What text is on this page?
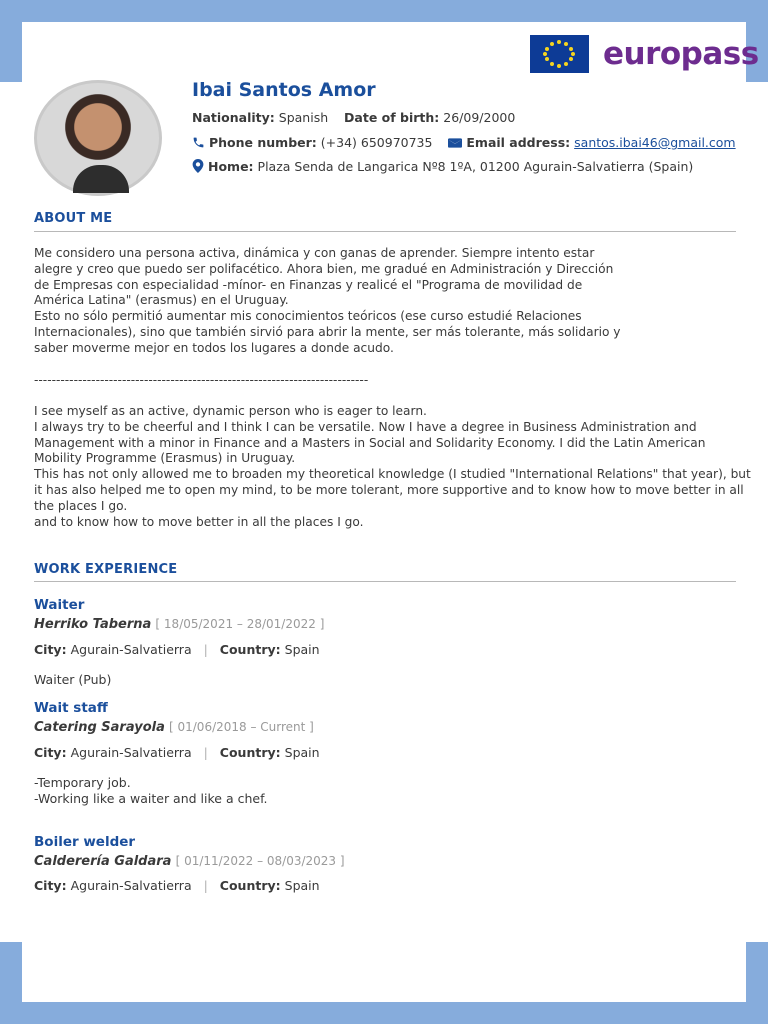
europass
Ibai Santos Amor
Nationality: Spanish Date of birth: 26/09/2000
Phone number: (+34) 650970735	Email address: santos.ibai46@gmail.com
Home: Plaza Senda de Langarica Nº8 1ºA, 01200 Agurain-Salvatierra (Spain)
ABOUT ME
Me considero una persona activa, dinámica y con ganas de aprender. Siempre intento estar
alegre y creo que puedo ser polifacético. Ahora bien, me gradué en Administración y Dirección
de Empresas con especialidad -mínor- en Finanzas y realicé el "Programa de movilidad de
América Latina" (erasmus) en el Uruguay.
Esto no sólo permitió aumentar mis conocimientos teóricos (ese curso estudié Relaciones
Internacionales), sino que también sirvió para abrir la mente, ser más tolerante, más solidario y
saber moverme mejor en todos los lugares a donde acudo.
----------------------------------------------------------------------------
I see myself as an active, dynamic person who is eager to learn.
I always try to be cheerful and I think I can be versatile. Now I have a degree in Business Administration and
Management with a minor in Finance and a Masters in Social and Solidarity Economy. I did the Latin American
Mobility Programme (Erasmus) in Uruguay.
This has not only allowed me to broaden my theoretical knowledge (I studied "International Relations" that year), but
it has also helped me to open my mind, to be more tolerant, more supportive and to know how to move better in all
the places I go.
and to know how to move better in all the places I go.
WORK EXPERIENCE
Waiter
Herriko Taberna [ 18/05/2021 – 28/01/2022 ]
City: Agurain-Salvatierra | Country: Spain
Waiter (Pub)
Wait staff
Catering Sarayola [ 01/06/2018 – Current ]
City: Agurain-Salvatierra | Country: Spain
-Temporary job.
-Working like a waiter and like a chef.
Boiler welder
Calderería Galdara [ 01/11/2022 – 08/03/2023 ]
City: Agurain-Salvatierra | Country: Spain
